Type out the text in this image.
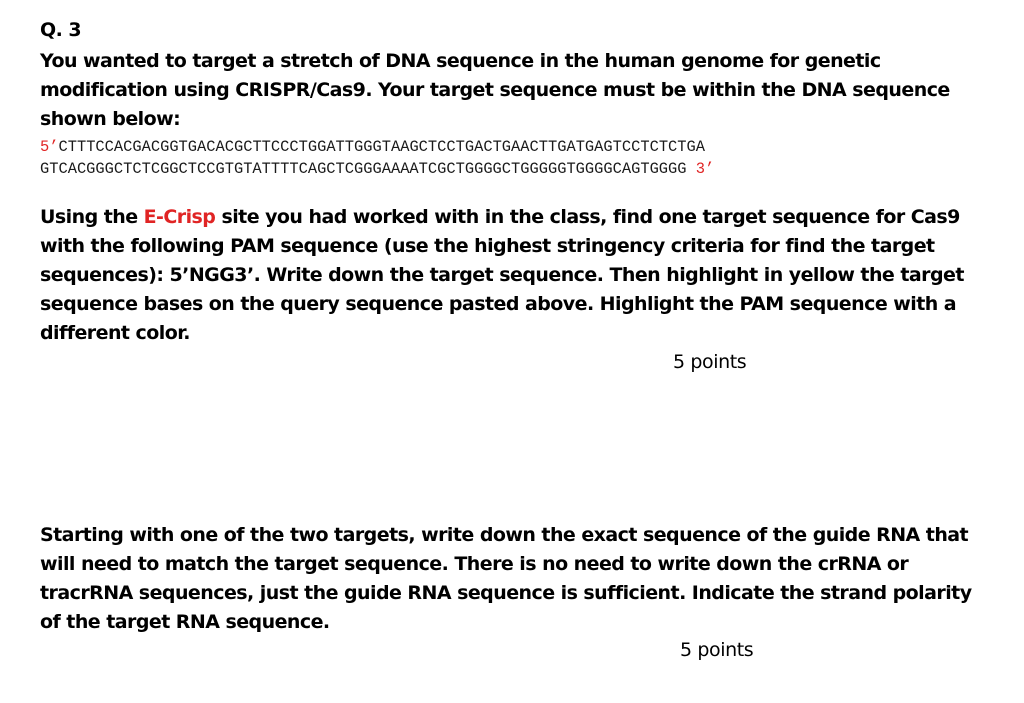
Q. 3

You wanted to target a stretch of DNA sequence in the human genome for genetic modification using CRISPR/Cas9. Your target sequence must be within the DNA sequence shown below:

5’CTTTCCACGACGGTGACACGCTTCCCTGGATTGGGTAAGCTCCTGACTGAACTTGATGAGTCCTCTCTGA
GTCACGGGCTCTCGGCTCCGTGTATTTTCAGCTCGGGAAAATCGCTGGGGCTGGGGGTGGGGCAGTGGGG 3’

Using the E-Crisp site you had worked with in the class, find one target sequence for Cas9 with the following PAM sequence (use the highest stringency criteria for find the target sequences): 5’NGG3’. Write down the target sequence. Then highlight in yellow the target sequence bases on the query sequence pasted above. Highlight the PAM sequence with a different color.

5 points

Starting with one of the two targets, write down the exact sequence of the guide RNA that will need to match the target sequence. There is no need to write down the crRNA or tracrRNA sequences, just the guide RNA sequence is sufficient. Indicate the strand polarity of the target RNA sequence.

5 points
